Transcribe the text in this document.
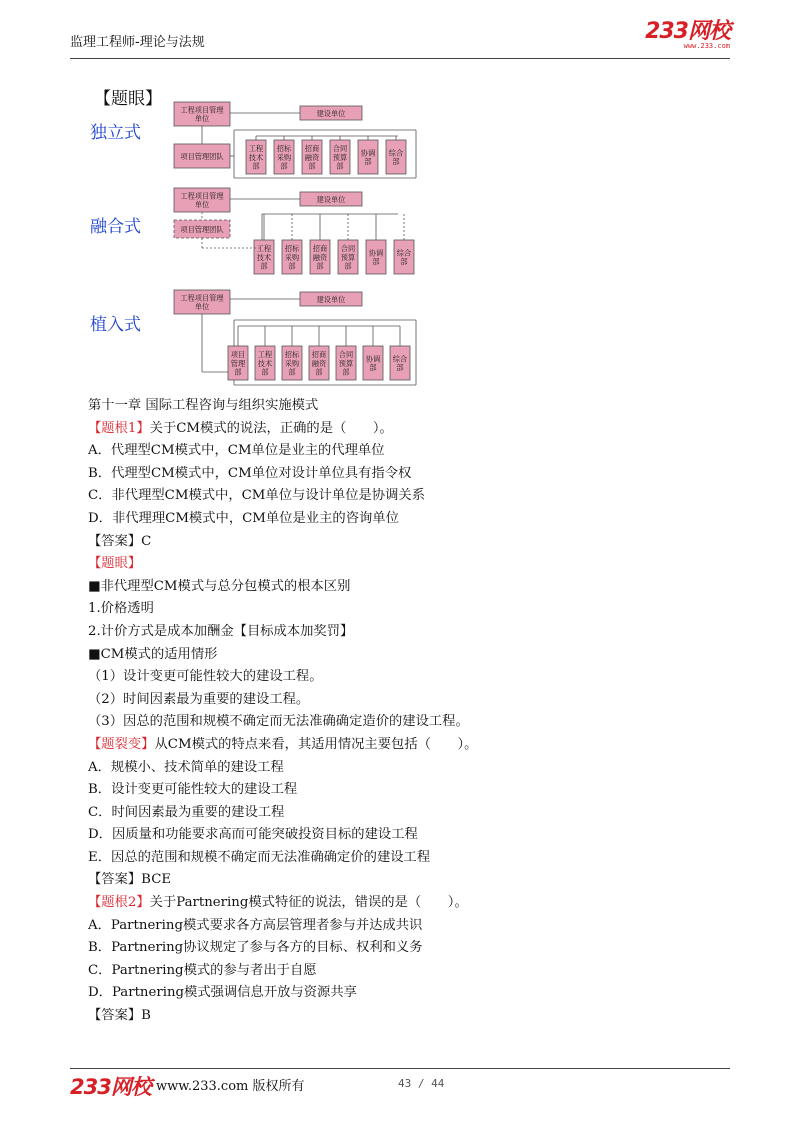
监理工程师-理论与法规	233网校
www.233.com
【题眼】
独立式
融合式
植入式
工程项目管理
单位
建设单位
项目管理团队
工程
技术
部
招标
采购
部
招商
融资
部
合同
预算
部
协调
部
综合
部
工程项目管理
单位
建设单位
项目管理团队
工程
技术
部
招标
采购
部
招商
融资
部
合同
预算
部
协调
部
综合
部
工程项目管理
单位
建设单位
项目
管理
部
工程
技术
部
招标
采购
部
招商
融资
部
合同
预算
部
协调
部
综合
部
第十一章 国际工程咨询与组织实施模式
【题根1】关于CM模式的说法，正确的是（　　）。
A．代理型CM模式中，CM单位是业主的代理单位
B．代理型CM模式中，CM单位对设计单位具有指令权
C．非代理型CM模式中，CM单位与设计单位是协调关系
D．非代理理CM模式中，CM单位是业主的咨询单位
【答案】C
【题眼】
■非代理型CM模式与总分包模式的根本区别
1.价格透明
2.计价方式是成本加酬金【目标成本加奖罚】
■CM模式的适用情形
（1）设计变更可能性较大的建设工程。
（2）时间因素最为重要的建设工程。
（3）因总的范围和规模不确定而无法准确确定造价的建设工程。
【题裂变】从CM模式的特点来看，其适用情况主要包括（　　）。
A．规模小、技术简单的建设工程
B．设计变更可能性较大的建设工程
C．时间因素最为重要的建设工程
D．因质量和功能要求高而可能突破投资目标的建设工程
E．因总的范围和规模不确定而无法准确确定价的建设工程
【答案】BCE
【题根2】关于Partnering模式特征的说法，错误的是（　　）。
A．Partnering模式要求各方高层管理者参与并达成共识
B．Partnering协议规定了参与各方的目标、权利和义务
C．Partnering模式的参与者出于自愿
D．Partnering模式强调信息开放与资源共享
【答案】B
233网校 www.233.com 版权所有	43 / 44
